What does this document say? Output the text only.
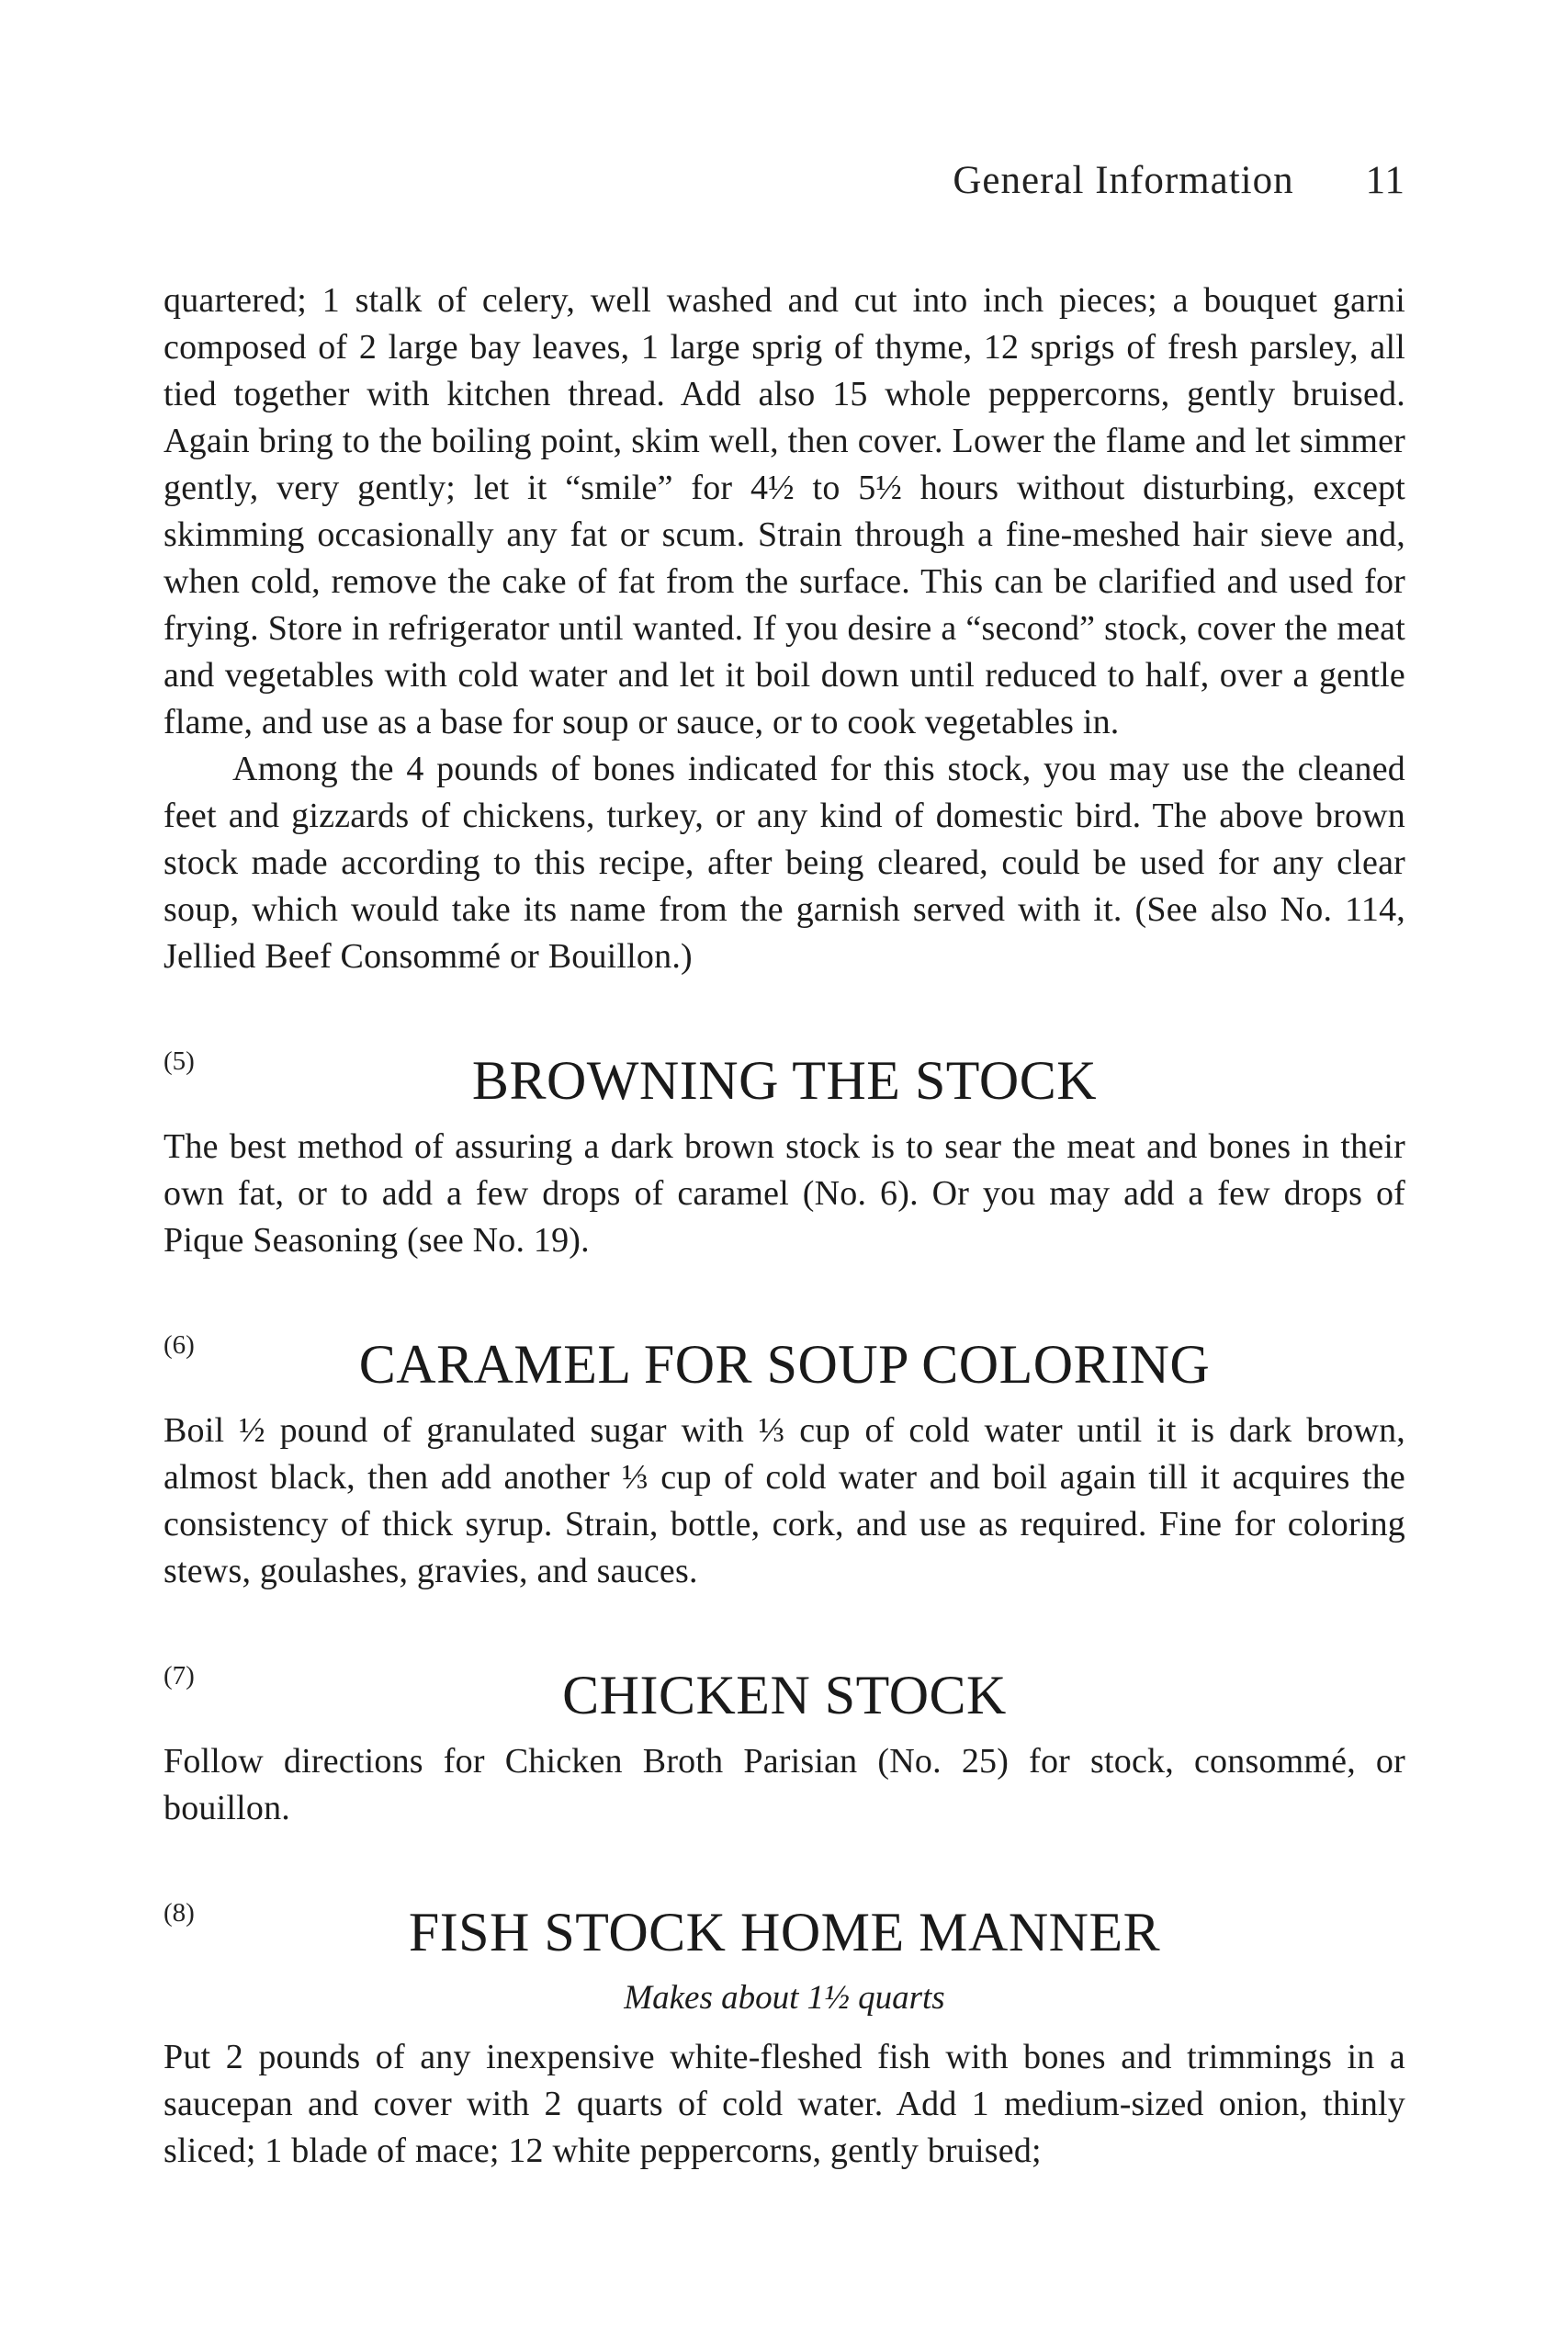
General Information 11

quartered; 1 stalk of celery, well washed and cut into inch pieces; a bouquet garni composed of 2 large bay leaves, 1 large sprig of thyme, 12 sprigs of fresh parsley, all tied together with kitchen thread. Add also 15 whole peppercorns, gently bruised. Again bring to the boiling point, skim well, then cover. Lower the flame and let simmer gently, very gently; let it “smile” for 4½ to 5½ hours without disturbing, except skimming occasionally any fat or scum. Strain through a fine-meshed hair sieve and, when cold, remove the cake of fat from the surface. This can be clarified and used for frying. Store in refrigerator until wanted. If you desire a “second” stock, cover the meat and vegetables with cold water and let it boil down until reduced to half, over a gentle flame, and use as a base for soup or sauce, or to cook vegetables in.

Among the 4 pounds of bones indicated for this stock, you may use the cleaned feet and gizzards of chickens, turkey, or any kind of domestic bird. The above brown stock made according to this recipe, after being cleared, could be used for any clear soup, which would take its name from the garnish served with it. (See also No. 114, Jellied Beef Consommé or Bouillon.)

(5)	BROWNING THE STOCK

The best method of assuring a dark brown stock is to sear the meat and bones in their own fat, or to add a few drops of caramel (No. 6). Or you may add a few drops of Pique Seasoning (see No. 19).

(6)	CARAMEL FOR SOUP COLORING

Boil ½ pound of granulated sugar with ⅓ cup of cold water until it is dark brown, almost black, then add another ⅓ cup of cold water and boil again till it acquires the consistency of thick syrup. Strain, bottle, cork, and use as required. Fine for coloring stews, goulashes, gravies, and sauces.

(7)	CHICKEN STOCK

Follow directions for Chicken Broth Parisian (No. 25) for stock, consommé, or bouillon.

(8)	FISH STOCK HOME MANNER
Makes about 1½ quarts

Put 2 pounds of any inexpensive white-fleshed fish with bones and trimmings in a saucepan and cover with 2 quarts of cold water. Add 1 medium-sized onion, thinly sliced; 1 blade of mace; 12 white peppercorns, gently bruised;
